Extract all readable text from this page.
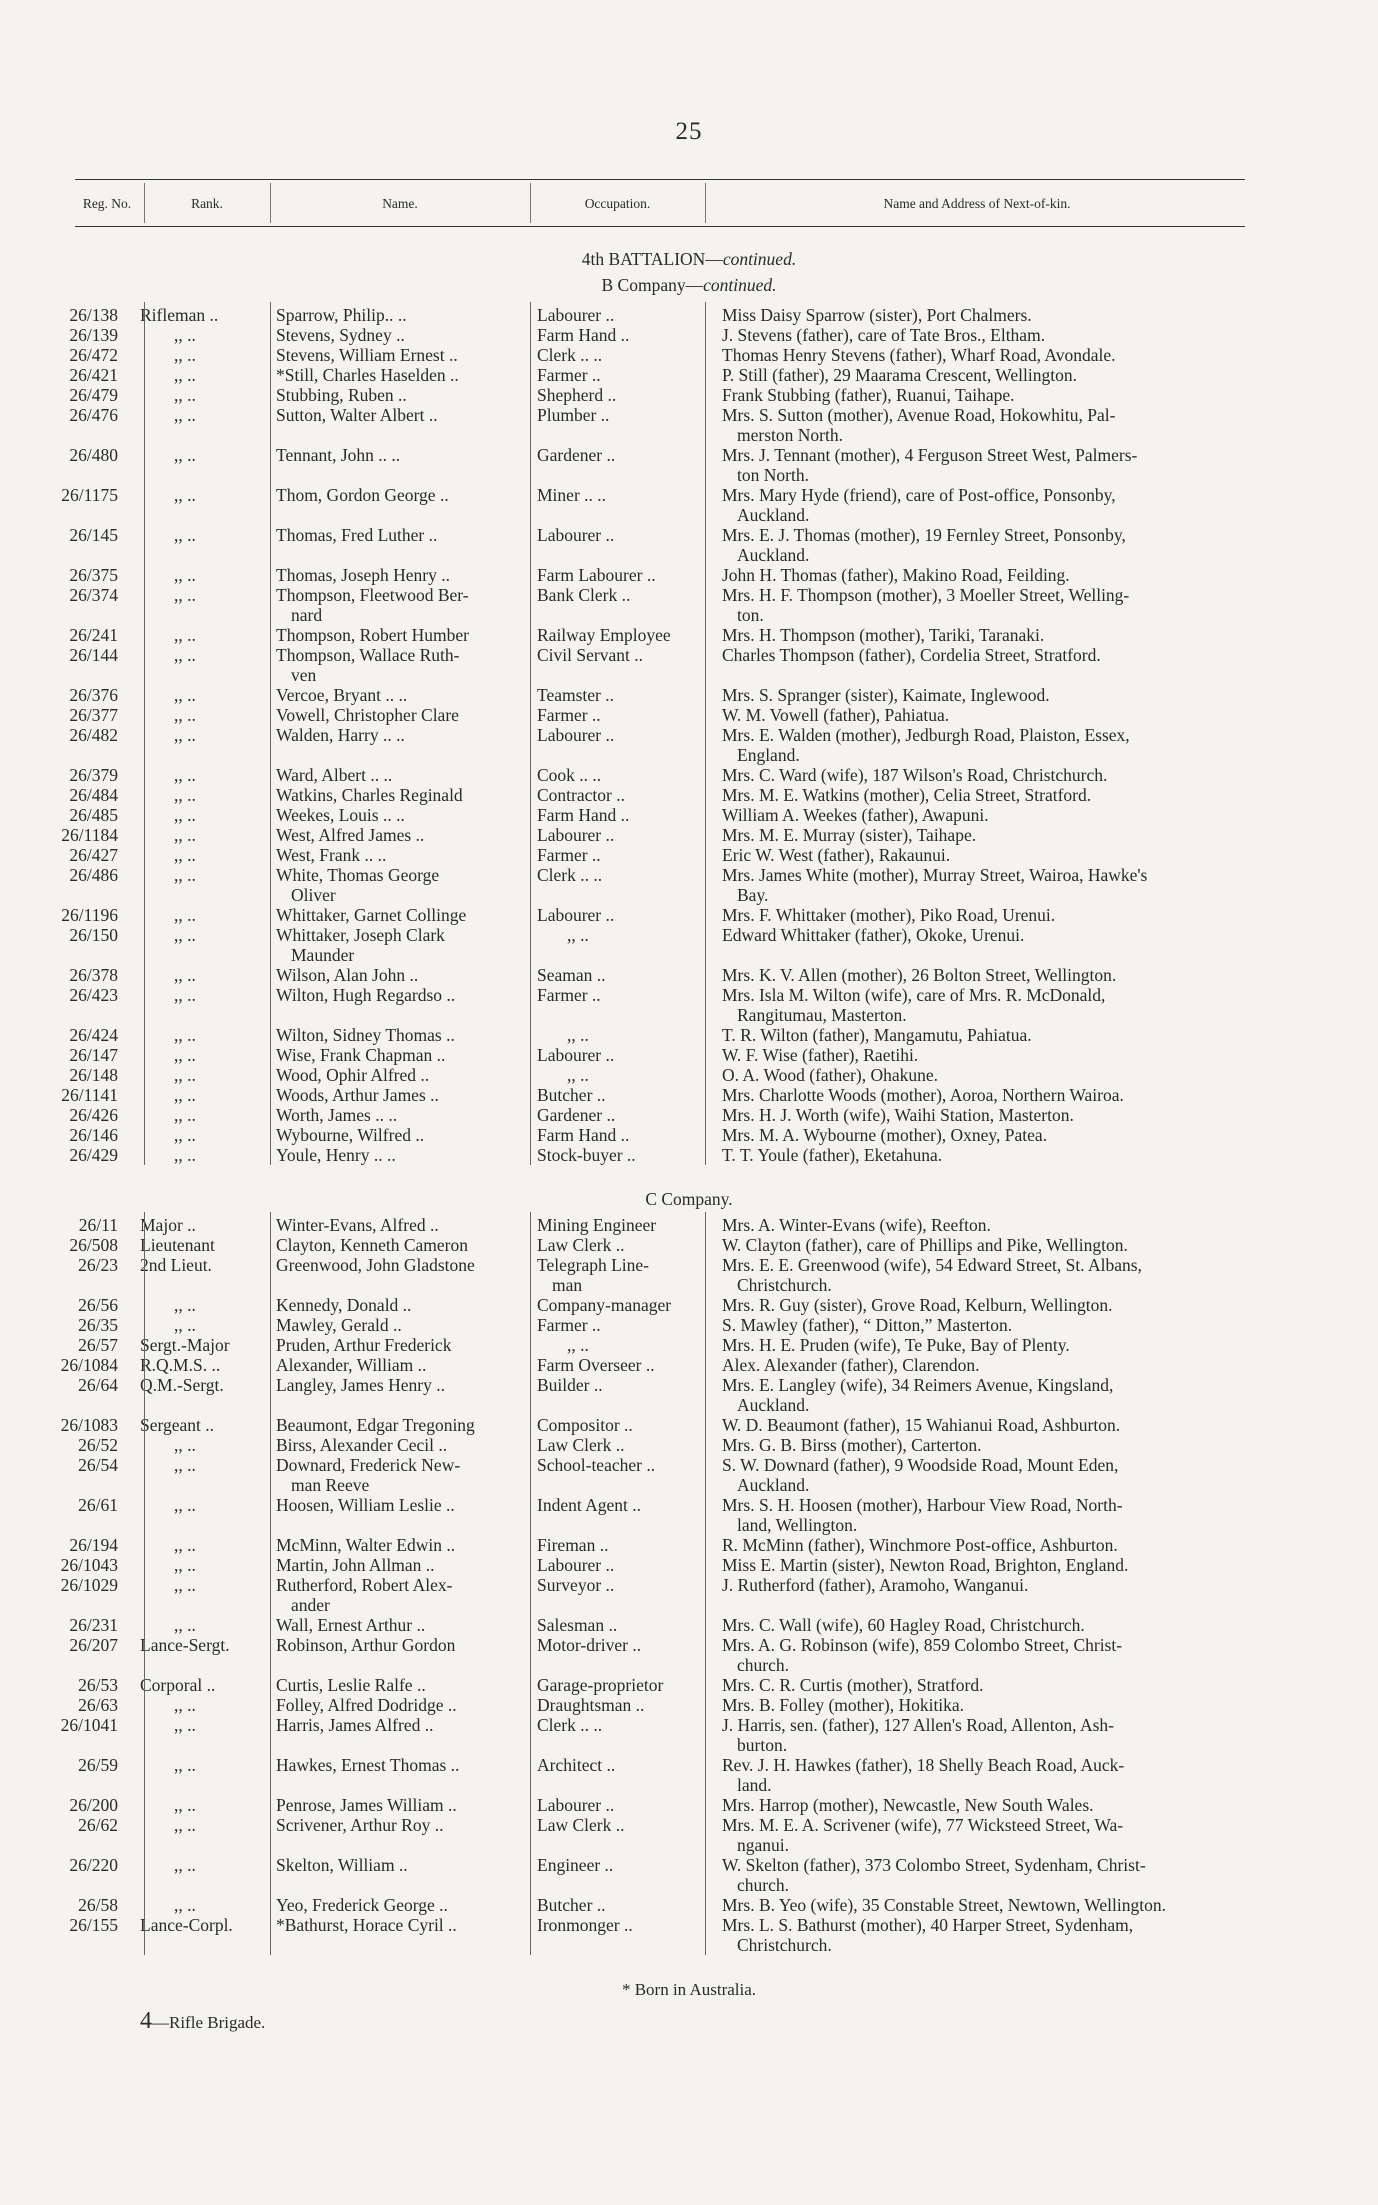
25
Reg. No.	Rank.	Name.	Occupation.	Name and Address of Next-of-kin.
4th BATTALION—continued.
B Company—continued.
26/138 Rifleman ..	Sparrow, Philip.. ..	Labourer ..	Miss Daisy Sparrow (sister), Port Chalmers.
26/139	,, ..	Stevens, Sydney ..	Farm Hand ..	J. Stevens (father), care of Tate Bros., Eltham.
26/472	,, ..	Stevens, William Ernest ..	Clerk .. ..	Thomas Henry Stevens (father), Wharf Road, Avondale.
26/421	,, ..	*Still, Charles Haselden ..	Farmer ..	P. Still (father), 29 Maarama Crescent, Wellington.
26/479	,, ..	Stubbing, Ruben ..	Shepherd ..	Frank Stubbing (father), Ruanui, Taihape.
26/476	,, ..	Sutton, Walter Albert ..	Plumber ..	Mrs. S. Sutton (mother), Avenue Road, Hokowhitu, Pal-
merston North.
26/480	,, ..	Tennant, John .. ..	Gardener ..	Mrs. J. Tennant (mother), 4 Ferguson Street West, Palmers-
ton North.
26/1175	,, ..	Thom, Gordon George ..	Miner .. ..	Mrs. Mary Hyde (friend), care of Post-office, Ponsonby,
Auckland.
26/145	,, ..	Thomas, Fred Luther ..	Labourer ..	Mrs. E. J. Thomas (mother), 19 Fernley Street, Ponsonby,
Auckland.
26/375	,, ..	Thomas, Joseph Henry ..	Farm Labourer ..	John H. Thomas (father), Makino Road, Feilding.
26/374	,, ..	Thompson, Fleetwood Ber-
nard
Bank Clerk ..	Mrs. H. F. Thompson (mother), 3 Moeller Street, Welling-
ton.
26/241	,, ..	Thompson, Robert Humber	Railway Employee	Mrs. H. Thompson (mother), Tariki, Taranaki.
26/144	,, ..	Thompson, Wallace Ruth-
ven
Civil Servant ..	Charles Thompson (father), Cordelia Street, Stratford.
26/376	,, ..	Vercoe, Bryant .. ..	Teamster ..	Mrs. S. Spranger (sister), Kaimate, Inglewood.
26/377	,, ..	Vowell, Christopher Clare	Farmer ..	W. M. Vowell (father), Pahiatua.
26/482	,, ..	Walden, Harry .. ..	Labourer ..	Mrs. E. Walden (mother), Jedburgh Road, Plaiston, Essex,
England.
26/379	,, ..	Ward, Albert .. ..	Cook .. ..	Mrs. C. Ward (wife), 187 Wilson's Road, Christchurch.
26/484	,, ..	Watkins, Charles Reginald	Contractor ..	Mrs. M. E. Watkins (mother), Celia Street, Stratford.
26/485	,, ..	Weekes, Louis .. ..	Farm Hand ..	William A. Weekes (father), Awapuni.
26/1184	,, ..	West, Alfred James ..	Labourer ..	Mrs. M. E. Murray (sister), Taihape.
26/427	,, ..	West, Frank .. ..	Farmer ..	Eric W. West (father), Rakaunui.
26/486	,, ..	White, Thomas George
Oliver
Clerk .. ..	Mrs. James White (mother), Murray Street, Wairoa, Hawke's
Bay.
26/1196	,, ..	Whittaker, Garnet Collinge	Labourer ..	Mrs. F. Whittaker (mother), Piko Road, Urenui.
26/150	,, ..	Whittaker, Joseph Clark
Maunder
,, ..	Edward Whittaker (father), Okoke, Urenui.
26/378	,, ..	Wilson, Alan John ..	Seaman ..	Mrs. K. V. Allen (mother), 26 Bolton Street, Wellington.
26/423	,, ..	Wilton, Hugh Regardso ..	Farmer ..	Mrs. Isla M. Wilton (wife), care of Mrs. R. McDonald,
Rangitumau, Masterton.
26/424	,, ..	Wilton, Sidney Thomas ..	,, ..	T. R. Wilton (father), Mangamutu, Pahiatua.
26/147	,, ..	Wise, Frank Chapman ..	Labourer ..	W. F. Wise (father), Raetihi.
26/148	,, ..	Wood, Ophir Alfred ..	,, ..	O. A. Wood (father), Ohakune.
26/1141	,, ..	Woods, Arthur James ..	Butcher ..	Mrs. Charlotte Woods (mother), Aoroa, Northern Wairoa.
26/426	,, ..	Worth, James .. ..	Gardener ..	Mrs. H. J. Worth (wife), Waihi Station, Masterton.
26/146	,, ..	Wybourne, Wilfred ..	Farm Hand ..	Mrs. M. A. Wybourne (mother), Oxney, Patea.
26/429	,, ..	Youle, Henry .. ..	Stock-buyer ..	T. T. Youle (father), Eketahuna.
C Company.
26/11 Major ..	Winter-Evans, Alfred ..	Mining Engineer	Mrs. A. Winter-Evans (wife), Reefton.
26/508 Lieutenant	Clayton, Kenneth Cameron	Law Clerk ..	W. Clayton (father), care of Phillips and Pike, Wellington.
26/23 2nd Lieut.	Greenwood, John Gladstone	Telegraph Line-
man
Mrs. E. E. Greenwood (wife), 54 Edward Street, St. Albans,
Christchurch.
26/56	,, ..	Kennedy, Donald ..	Company-manager	Mrs. R. Guy (sister), Grove Road, Kelburn, Wellington.
26/35	,, ..	Mawley, Gerald ..	Farmer ..	S. Mawley (father), “ Ditton,” Masterton.
26/57 Sergt.-Major	Pruden, Arthur Frederick	,, ..	Mrs. H. E. Pruden (wife), Te Puke, Bay of Plenty.
26/1084 R.Q.M.S. ..	Alexander, William ..	Farm Overseer ..	Alex. Alexander (father), Clarendon.
26/64 Q.M.-Sergt.	Langley, James Henry ..	Builder ..	Mrs. E. Langley (wife), 34 Reimers Avenue, Kingsland,
Auckland.
26/1083 Sergeant ..	Beaumont, Edgar Tregoning	Compositor ..	W. D. Beaumont (father), 15 Wahianui Road, Ashburton.
26/52	,, ..	Birss, Alexander Cecil ..	Law Clerk ..	Mrs. G. B. Birss (mother), Carterton.
26/54	,, ..	Downard, Frederick New-
man Reeve
School-teacher ..	S. W. Downard (father), 9 Woodside Road, Mount Eden,
Auckland.
26/61	,, ..	Hoosen, William Leslie ..	Indent Agent ..	Mrs. S. H. Hoosen (mother), Harbour View Road, North-
land, Wellington.
26/194	,, ..	McMinn, Walter Edwin ..	Fireman ..	R. McMinn (father), Winchmore Post-office, Ashburton.
26/1043	,, ..	Martin, John Allman ..	Labourer ..	Miss E. Martin (sister), Newton Road, Brighton, England.
26/1029	,, ..	Rutherford, Robert Alex-
ander
Surveyor ..	J. Rutherford (father), Aramoho, Wanganui.
26/231	,, ..	Wall, Ernest Arthur ..	Salesman ..	Mrs. C. Wall (wife), 60 Hagley Road, Christchurch.
26/207 Lance-Sergt.	Robinson, Arthur Gordon	Motor-driver ..	Mrs. A. G. Robinson (wife), 859 Colombo Street, Christ-
church.
26/53 Corporal ..	Curtis, Leslie Ralfe ..	Garage-proprietor	Mrs. C. R. Curtis (mother), Stratford.
26/63	,, ..	Folley, Alfred Dodridge ..	Draughtsman ..	Mrs. B. Folley (mother), Hokitika.
26/1041	,, ..	Harris, James Alfred ..	Clerk .. ..	J. Harris, sen. (father), 127 Allen's Road, Allenton, Ash-
burton.
26/59	,, ..	Hawkes, Ernest Thomas ..	Architect ..	Rev. J. H. Hawkes (father), 18 Shelly Beach Road, Auck-
land.
26/200	,, ..	Penrose, James William ..	Labourer ..	Mrs. Harrop (mother), Newcastle, New South Wales.
26/62	,, ..	Scrivener, Arthur Roy ..	Law Clerk ..	Mrs. M. E. A. Scrivener (wife), 77 Wicksteed Street, Wa-
nganui.
26/220	,, ..	Skelton, William ..	Engineer ..	W. Skelton (father), 373 Colombo Street, Sydenham, Christ-
church.
26/58	,, ..	Yeo, Frederick George ..	Butcher ..	Mrs. B. Yeo (wife), 35 Constable Street, Newtown, Wellington.
26/155 Lance-Corpl.	*Bathurst, Horace Cyril ..	Ironmonger ..	Mrs. L. S. Bathurst (mother), 40 Harper Street, Sydenham,
Christchurch.
* Born in Australia.
4—Rifle Brigade.
